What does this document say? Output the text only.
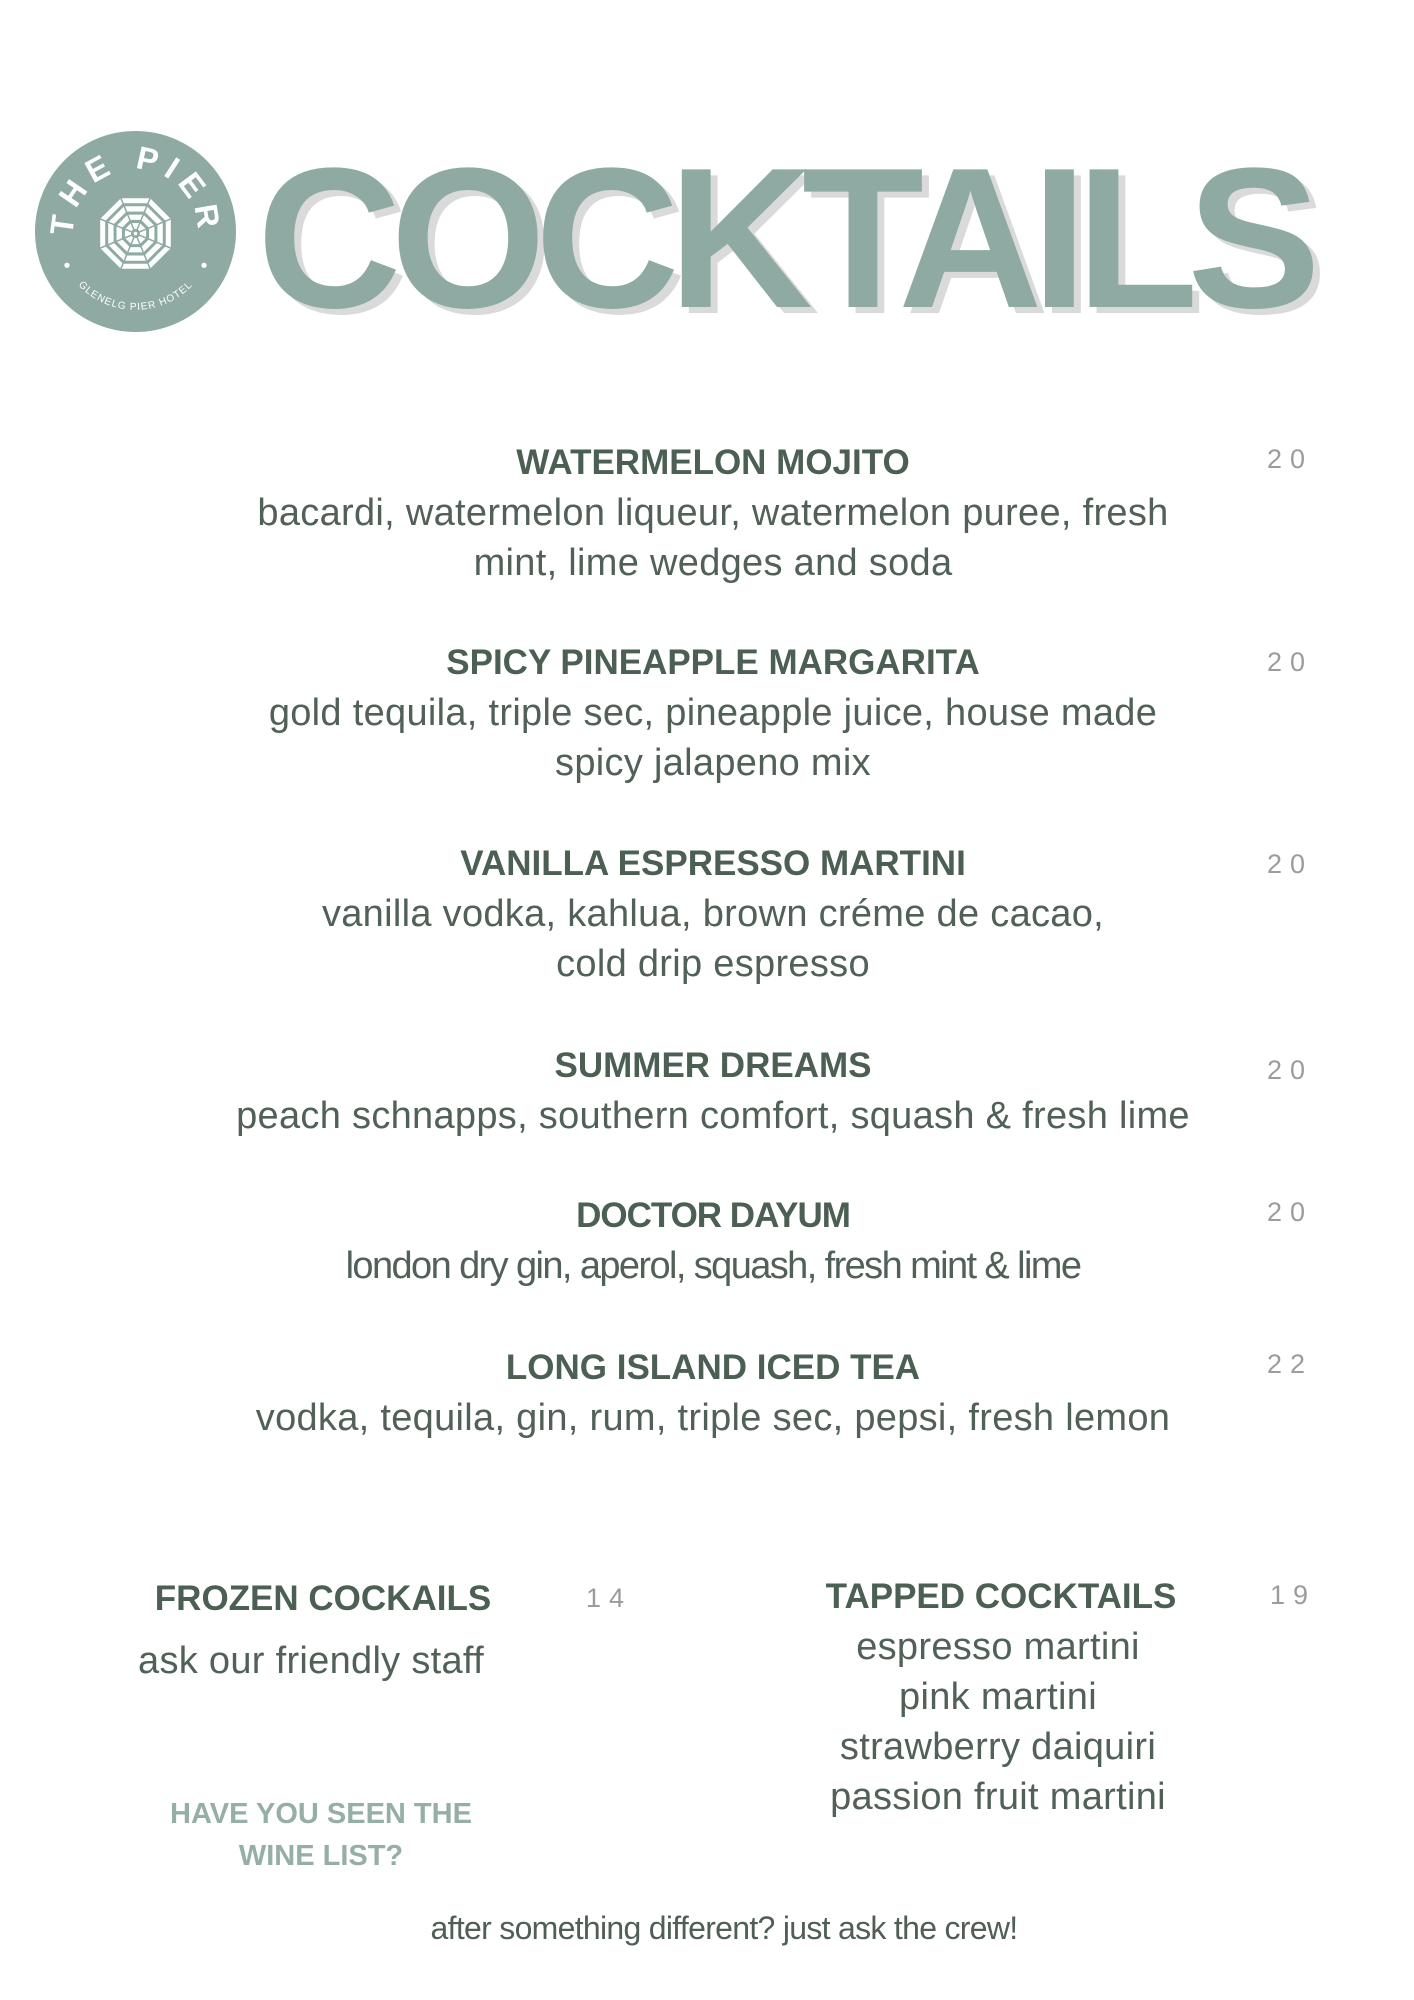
THE PIER
GLENELG PIER HOTEL COCKTAILS
WATERMELON MOJITO
bacardi, watermelon liqueur, watermelon puree, fresh
mint, lime wedges and soda
20
SPICY PINEAPPLE MARGARITA
gold tequila, triple sec, pineapple juice, house made
spicy jalapeno mix
20
VANILLA ESPRESSO MARTINI
vanilla vodka, kahlua, brown créme de cacao,
cold drip espresso
20
SUMMER DREAMS
peach schnapps, southern comfort, squash & fresh lime
20
DOCTOR DAYUM
london dry gin, aperol, squash, fresh mint & lime
20
LONG ISLAND ICED TEA
vodka, tequila, gin, rum, triple sec, pepsi, fresh lemon
22
FROZEN COCKAILS	14
ask our friendly staff
TAPPED COCKTAILS	19
espresso martini
pink martini
strawberry daiquiri
passion fruit martini
HAVE YOU SEEN THE
WINE LIST?
after something different? just ask the crew!
